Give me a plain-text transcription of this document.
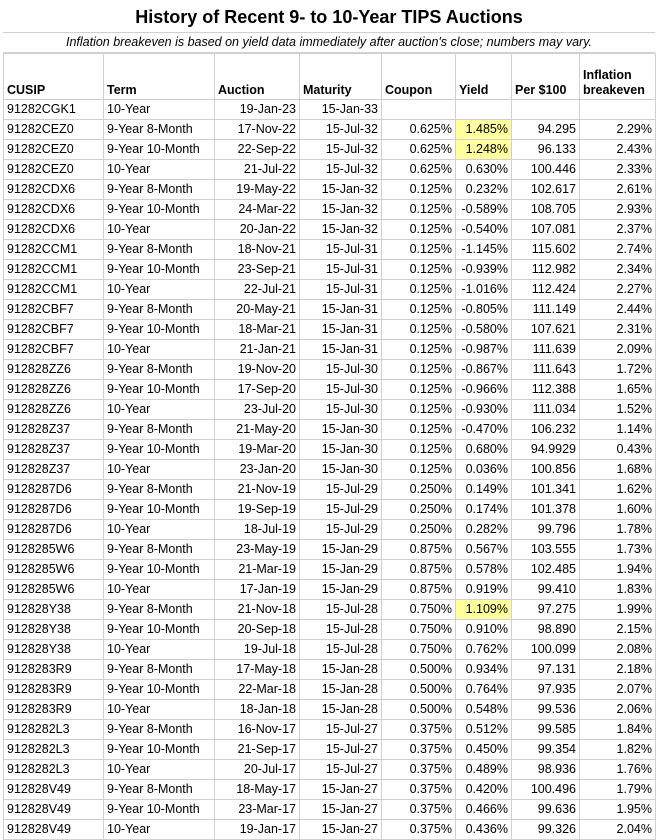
History of Recent 9- to 10-Year TIPS Auctions
Inflation breakeven is based on yield data immediately after auction's close; numbers may vary.
CUSIP	Term	Auction	Maturity	Coupon	Yield	Per $100	Inflation breakeven
91282CGK1	10-Year	19-Jan-23	15-Jan-33				
91282CEZ0	9-Year 8-Month	17-Nov-22	15-Jul-32	0.625%	1.485%	94.295	2.29%
91282CEZ0	9-Year 10-Month	22-Sep-22	15-Jul-32	0.625%	1.248%	96.133	2.43%
91282CEZ0	10-Year	21-Jul-22	15-Jul-32	0.625%	0.630%	100.446	2.33%
91282CDX6	9-Year 8-Month	19-May-22	15-Jan-32	0.125%	0.232%	102.617	2.61%
91282CDX6	9-Year 10-Month	24-Mar-22	15-Jan-32	0.125%	-0.589%	108.705	2.93%
91282CDX6	10-Year	20-Jan-22	15-Jan-32	0.125%	-0.540%	107.081	2.37%
91282CCM1	9-Year 8-Month	18-Nov-21	15-Jul-31	0.125%	-1.145%	115.602	2.74%
91282CCM1	9-Year 10-Month	23-Sep-21	15-Jul-31	0.125%	-0.939%	112.982	2.34%
91282CCM1	10-Year	22-Jul-21	15-Jul-31	0.125%	-1.016%	112.424	2.27%
91282CBF7	9-Year 8-Month	20-May-21	15-Jan-31	0.125%	-0.805%	111.149	2.44%
91282CBF7	9-Year 10-Month	18-Mar-21	15-Jan-31	0.125%	-0.580%	107.621	2.31%
91282CBF7	10-Year	21-Jan-21	15-Jan-31	0.125%	-0.987%	111.639	2.09%
912828ZZ6	9-Year 8-Month	19-Nov-20	15-Jul-30	0.125%	-0.867%	111.643	1.72%
912828ZZ6	9-Year 10-Month	17-Sep-20	15-Jul-30	0.125%	-0.966%	112.388	1.65%
912828ZZ6	10-Year	23-Jul-20	15-Jul-30	0.125%	-0.930%	111.034	1.52%
912828Z37	9-Year 8-Month	21-May-20	15-Jan-30	0.125%	-0.470%	106.232	1.14%
912828Z37	9-Year 10-Month	19-Mar-20	15-Jan-30	0.125%	0.680%	94.9929	0.43%
912828Z37	10-Year	23-Jan-20	15-Jan-30	0.125%	0.036%	100.856	1.68%
9128287D6	9-Year 8-Month	21-Nov-19	15-Jul-29	0.250%	0.149%	101.341	1.62%
9128287D6	9-Year 10-Month	19-Sep-19	15-Jul-29	0.250%	0.174%	101.378	1.60%
9128287D6	10-Year	18-Jul-19	15-Jul-29	0.250%	0.282%	99.796	1.78%
9128285W6	9-Year 8-Month	23-May-19	15-Jan-29	0.875%	0.567%	103.555	1.73%
9128285W6	9-Year 10-Month	21-Mar-19	15-Jan-29	0.875%	0.578%	102.485	1.94%
9128285W6	10-Year	17-Jan-19	15-Jan-29	0.875%	0.919%	99.410	1.83%
912828Y38	9-Year 8-Month	21-Nov-18	15-Jul-28	0.750%	1.109%	97.275	1.99%
912828Y38	9-Year 10-Month	20-Sep-18	15-Jul-28	0.750%	0.910%	98.890	2.15%
912828Y38	10-Year	19-Jul-18	15-Jul-28	0.750%	0.762%	100.099	2.08%
9128283R9	9-Year 8-Month	17-May-18	15-Jan-28	0.500%	0.934%	97.131	2.18%
9128283R9	9-Year 10-Month	22-Mar-18	15-Jan-28	0.500%	0.764%	97.935	2.07%
9128283R9	10-Year	18-Jan-18	15-Jan-28	0.500%	0.548%	99.536	2.06%
9128282L3	9-Year 8-Month	16-Nov-17	15-Jul-27	0.375%	0.512%	99.585	1.84%
9128282L3	9-Year 10-Month	21-Sep-17	15-Jul-27	0.375%	0.450%	99.354	1.82%
9128282L3	10-Year	20-Jul-17	15-Jul-27	0.375%	0.489%	98.936	1.76%
912828V49	9-Year 8-Month	18-May-17	15-Jan-27	0.375%	0.420%	100.496	1.79%
912828V49	9-Year 10-Month	23-Mar-17	15-Jan-27	0.375%	0.466%	99.636	1.95%
912828V49	10-Year	19-Jan-17	15-Jan-27	0.375%	0.436%	99.326	2.04%
